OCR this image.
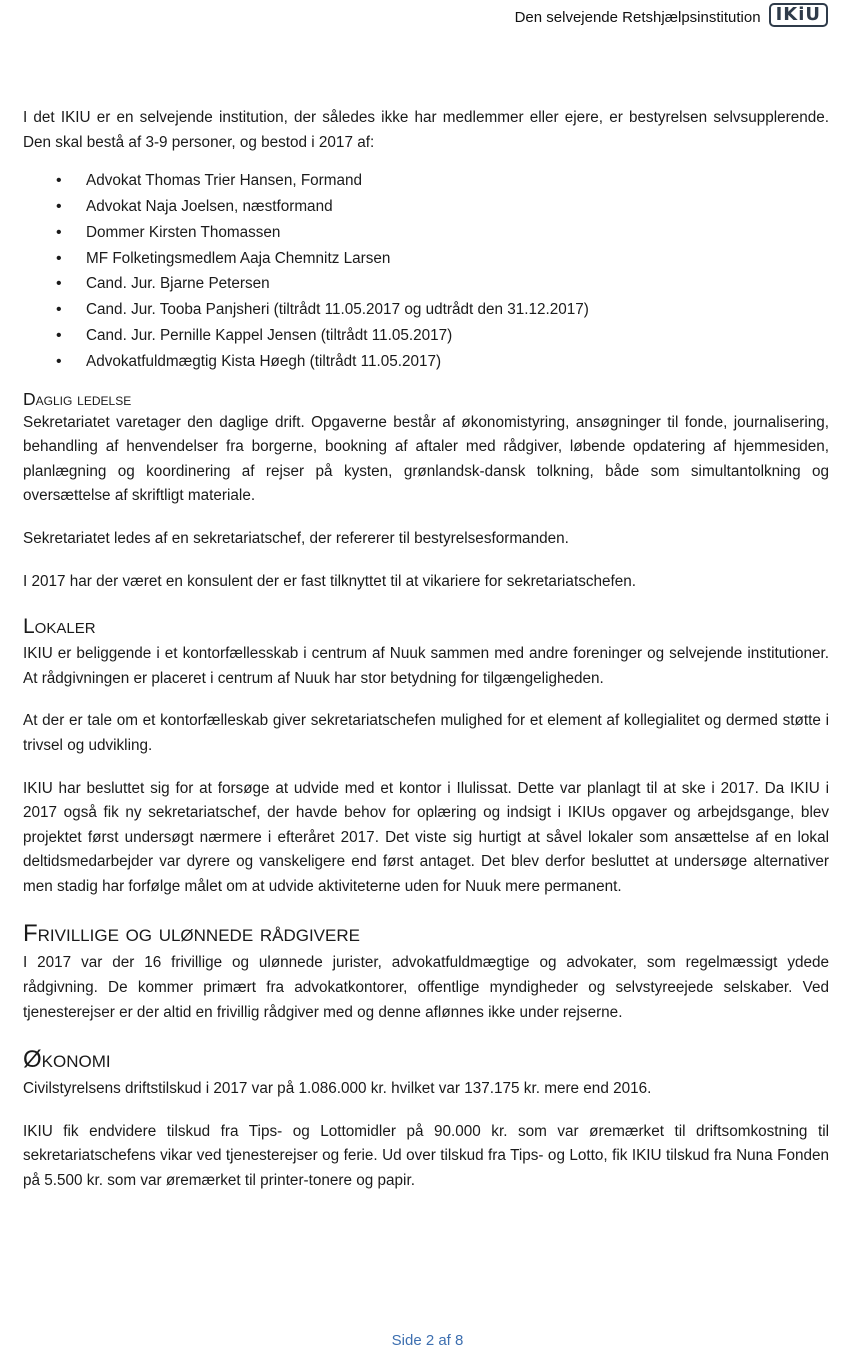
Den selvejende Retshjælpsinstitution IKiU

I det IKIU er en selvejende institution, der således ikke har medlemmer eller ejere, er bestyrelsen selvsupplerende. Den skal bestå af 3-9 personer, og bestod i 2017 af:

• Advokat Thomas Trier Hansen, Formand
• Advokat Naja Joelsen, næstformand
• Dommer Kirsten Thomassen
• MF Folketingsmedlem Aaja Chemnitz Larsen
• Cand. Jur. Bjarne Petersen
• Cand. Jur. Tooba Panjsheri (tiltrådt 11.05.2017 og udtrådt den 31.12.2017)
• Cand. Jur. Pernille Kappel Jensen (tiltrådt 11.05.2017)
• Advokatfuldmægtig Kista Høegh (tiltrådt 11.05.2017)
Daglig ledelse

Sekretariatet varetager den daglige drift. Opgaverne består af økonomistyring, ansøgninger til fonde, journalisering, behandling af henvendelser fra borgerne, bookning af aftaler med rådgiver, løbende opdatering af hjemmesiden, planlægning og koordinering af rejser på kysten, grønlandsk-dansk tolkning, både som simultantolkning og oversættelse af skriftligt materiale.

Sekretariatet ledes af en sekretariatschef, der refererer til bestyrelsesformanden.

I 2017 har der været en konsulent der er fast tilknyttet til at vikariere for sekretariatschefen.

Lokaler

IKIU er beliggende i et kontorfællesskab i centrum af Nuuk sammen med andre foreninger og selvejende institutioner. At rådgivningen er placeret i centrum af Nuuk har stor betydning for tilgængeligheden.

At der er tale om et kontorfælleskab giver sekretariatschefen mulighed for et element af kollegialitet og dermed støtte i trivsel og udvikling.

IKIU har besluttet sig for at forsøge at udvide med et kontor i Ilulissat. Dette var planlagt til at ske i 2017. Da IKIU i 2017 også fik ny sekretariatschef, der havde behov for oplæring og indsigt i IKIUs opgaver og arbejdsgange, blev projektet først undersøgt nærmere i efteråret 2017. Det viste sig hurtigt at såvel lokaler som ansættelse af en lokal deltidsmedarbejder var dyrere og vanskeligere end først antaget. Det blev derfor besluttet at undersøge alternativer men stadig har forfølge målet om at udvide aktiviteterne uden for Nuuk mere permanent.

Frivillige og ulønnede rådgivere

I 2017 var der 16 frivillige og ulønnede jurister, advokatfuldmægtige og advokater, som regelmæssigt ydede rådgivning. De kommer primært fra advokatkontorer, offentlige myndigheder og selvstyreejede selskaber. Ved tjenesterejser er der altid en frivillig rådgiver med og denne aflønnes ikke under rejserne.

Økonomi

Civilstyrelsens driftstilskud i 2017 var på 1.086.000 kr. hvilket var 137.175 kr. mere end 2016.

IKIU fik endvidere tilskud fra Tips- og Lottomidler på 90.000 kr. som var øremærket til driftsomkostning til sekretariatschefens vikar ved tjenesterejser og ferie. Ud over tilskud fra Tips- og Lotto, fik IKIU tilskud fra Nuna Fonden på 5.500 kr. som var øremærket til printer-tonere og papir.

Side 2 af 8
